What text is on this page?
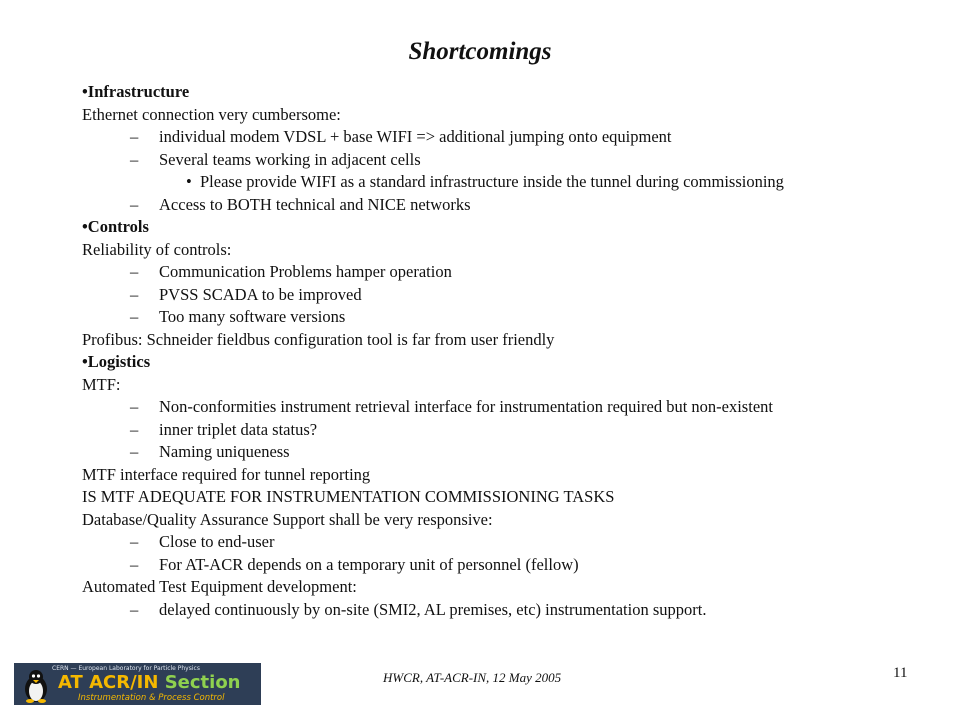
Shortcomings
•Infrastructure
Ethernet connection very cumbersome:
– individual modem VDSL + base WIFI => additional jumping onto equipment
– Several teams working in adjacent cells
• Please provide WIFI as a standard infrastructure inside the tunnel during commissioning
– Access to BOTH technical and NICE networks
•Controls
Reliability of controls:
– Communication Problems hamper operation
– PVSS SCADA to be improved
– Too many software versions
Profibus: Schneider fieldbus configuration tool is far from user friendly
•Logistics
MTF:
– Non-conformities instrument retrieval interface for instrumentation required but non-existent
– inner triplet data status?
– Naming uniqueness
MTF interface required for tunnel reporting
IS MTF ADEQUATE FOR INSTRUMENTATION COMMISSIONING TASKS
Database/Quality Assurance Support shall be very responsive:
– Close to end-user
– For AT-ACR depends on a temporary unit of personnel (fellow)
Automated Test Equipment development:
– delayed continuously by on-site (SMI2, AL premises, etc) instrumentation support.
CERN — European Laboratory for Particle Physics
AT ACR/IN Section
Instrumentation & Process Control
HWCR, AT-ACR-IN, 12 May 2005	11
